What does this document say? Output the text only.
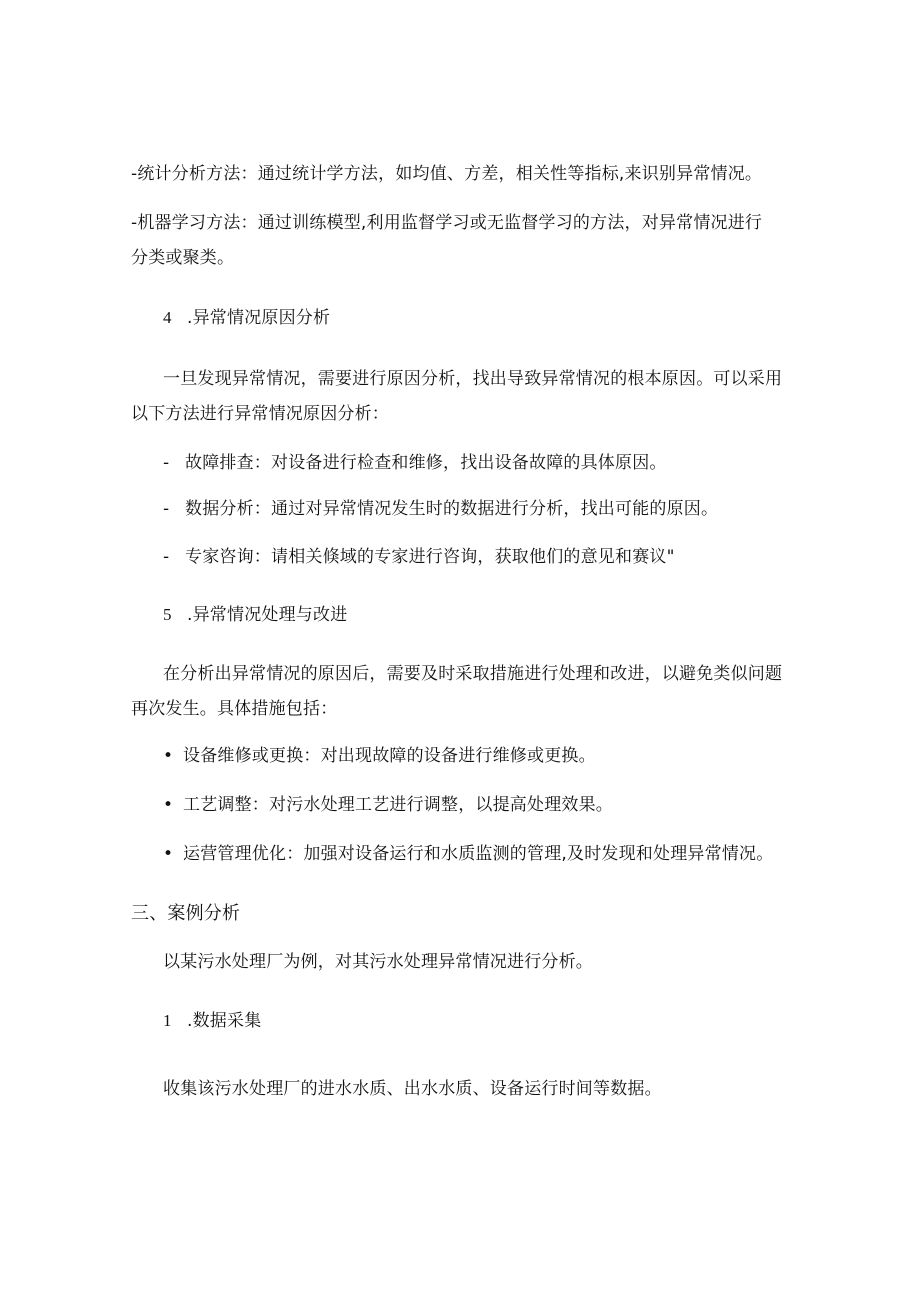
-统计分析方法：通过统计学方法，如均值、方差，相关性等指标,来识别异常情况。
-机器学习方法：通过训练模型,利用监督学习或无监督学习的方法，对异常情况进行
分类或聚类。
4 .异常情况原因分析
一旦发现异常情况，需要进行原因分析，找出导致异常情况的根本原因。可以采用
以下方法进行异常情况原因分析：
- 故障排查：对设备进行检查和维修，找出设备故障的具体原因。
- 数据分析：通过对异常情况发生时的数据进行分析，找出可能的原因。
- 专家咨询：请相关倏域的专家进行咨询，获取他们的意见和赛议"
5 .异常情况处理与改进
在分析出异常情况的原因后，需要及时采取措施进行处理和改进，以避免类似问题
再次发生。具体措施包括：
• 设备维修或更换：对出现故障的设备进行维修或更换。
• 工艺调整：对污水处理工艺进行调整，以提高处理效果。
• 运营管理优化：加强对设备运行和水质监测的管理,及时发现和处理异常情况。
三、案例分析
以某污水处理厂为例，对其污水处理异常情况进行分析。
1 .数据采集
收集该污水处理厂的进水水质、出水水质、设备运行时间等数据。
